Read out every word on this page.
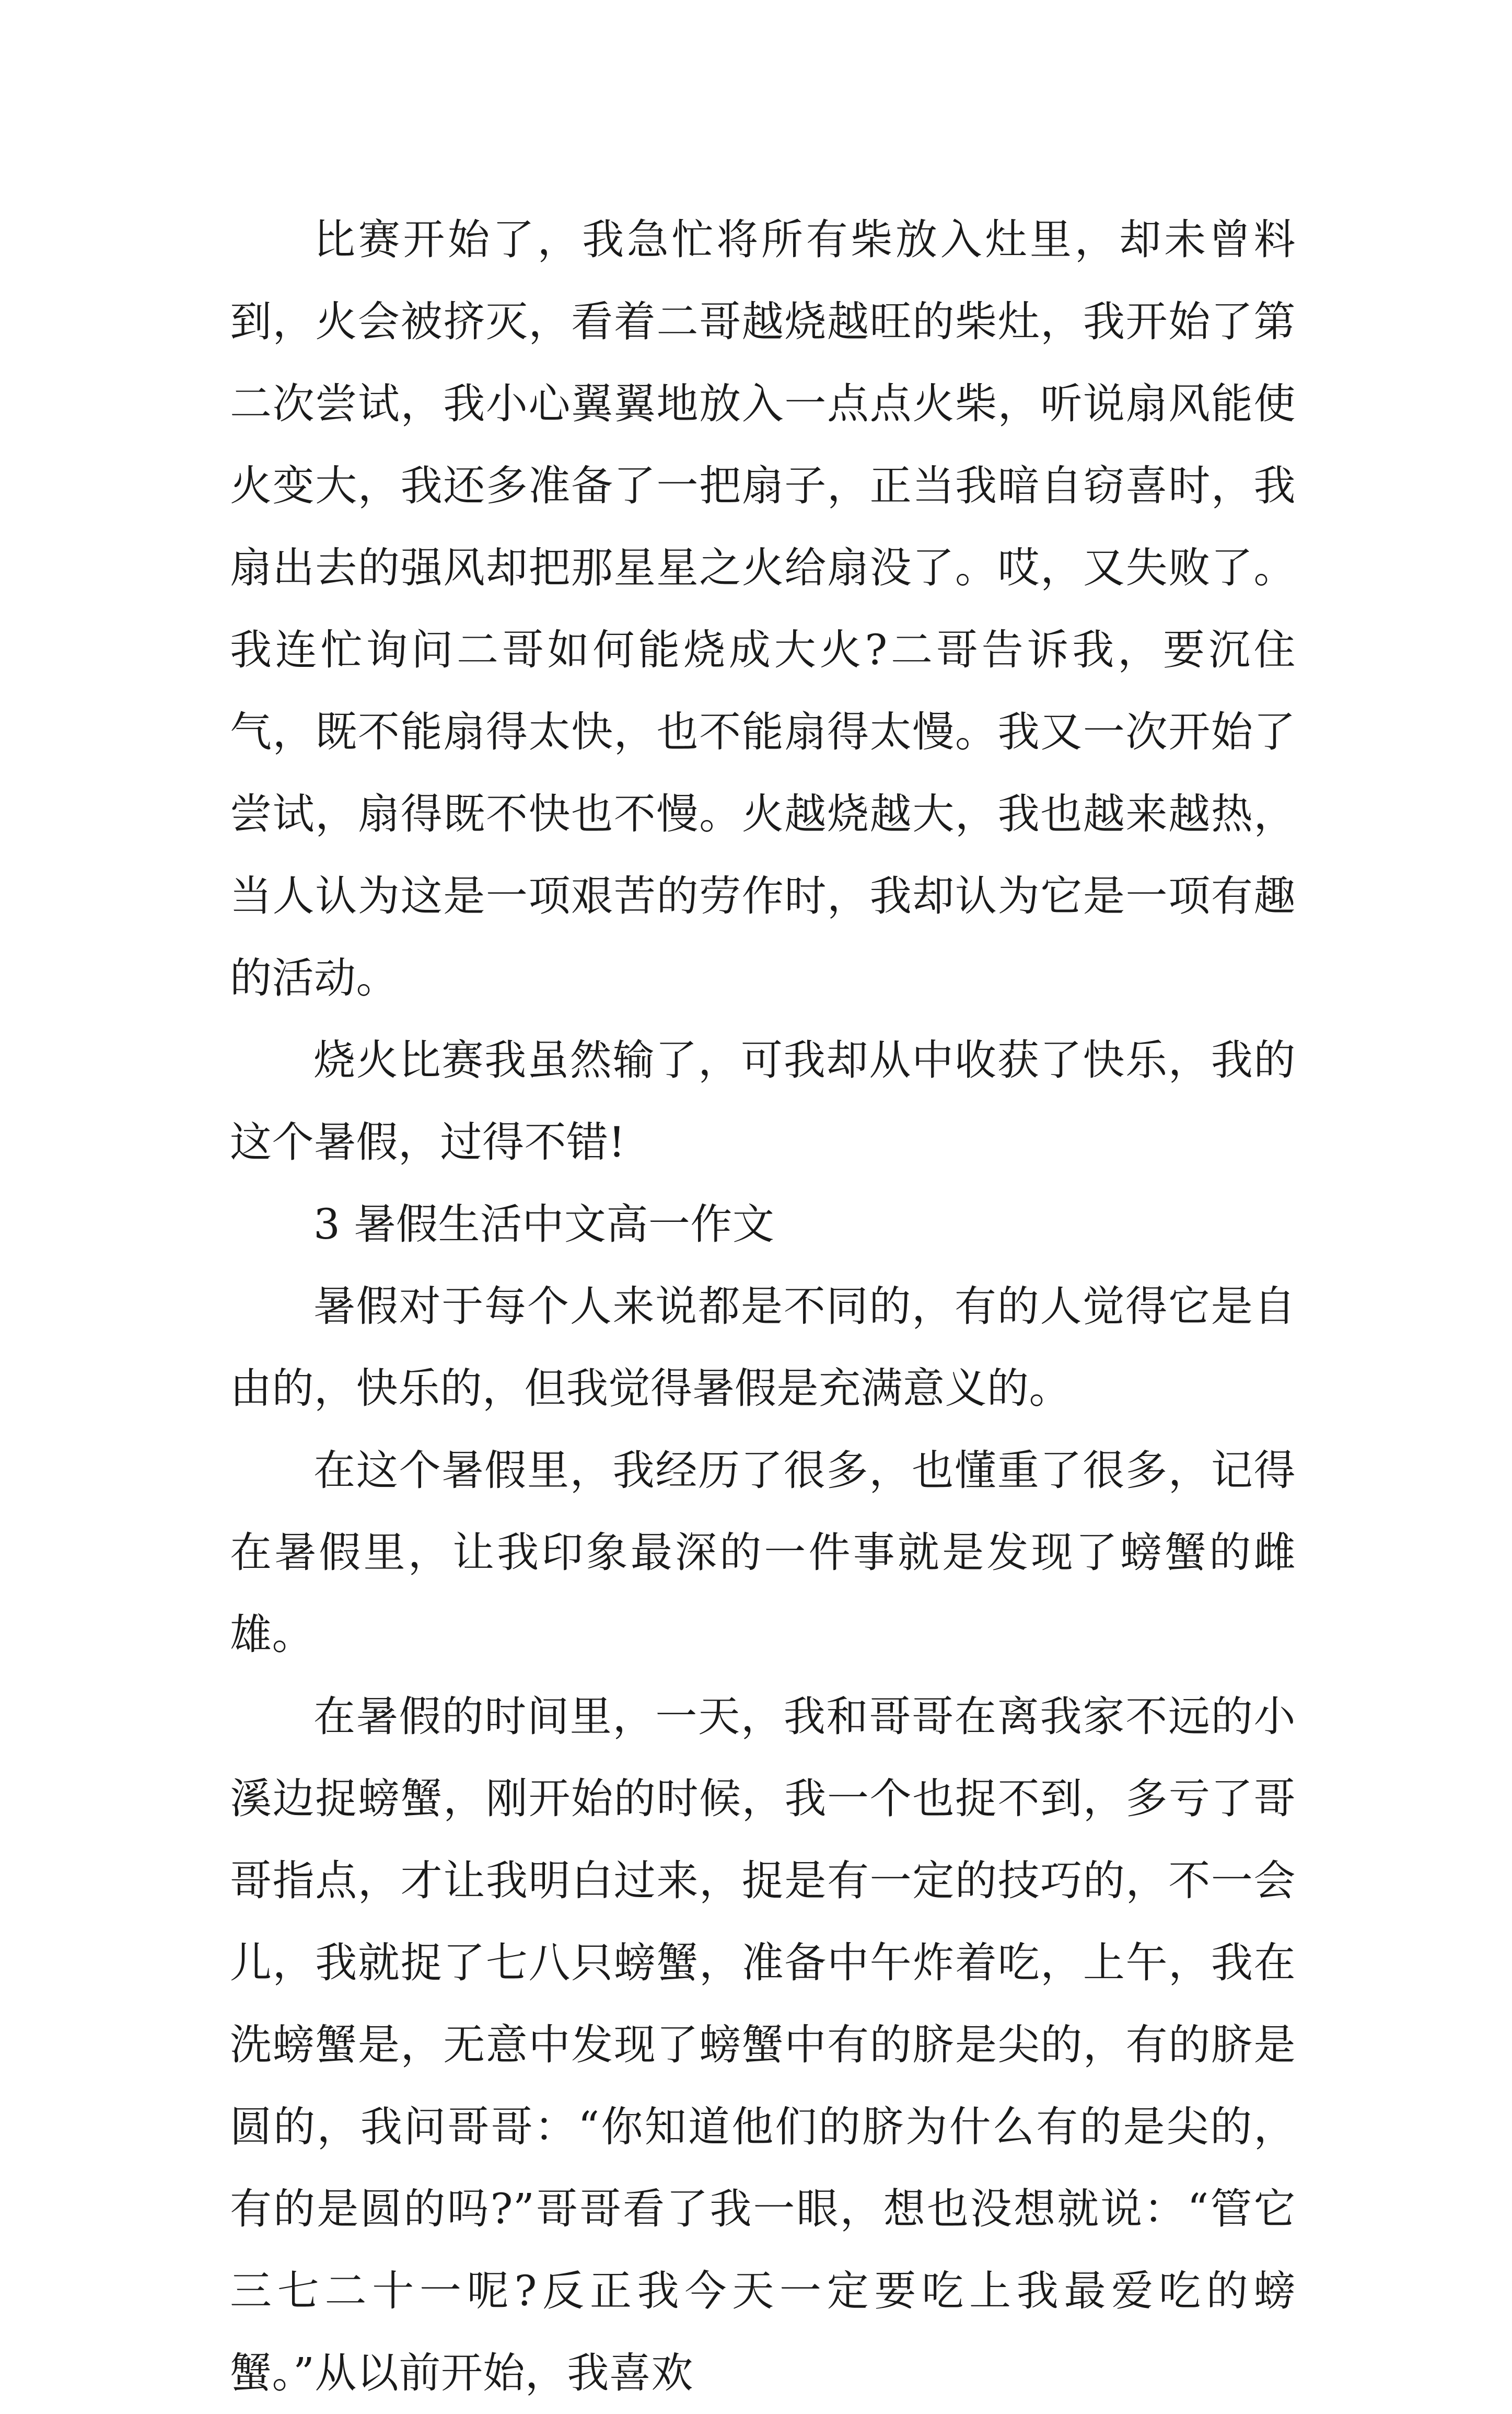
比赛开始了，我急忙将所有柴放入灶里，却未曾料到，火会被挤灭，看着二哥越烧越旺的柴灶，我开始了第二次尝试，我小心翼翼地放入一点点火柴，听说扇风能使火变大，我还多准备了一把扇子，正当我暗自窃喜时，我扇出去的强风却把那星星之火给扇没了。哎，又失败了。我连忙询问二哥如何能烧成大火?二哥告诉我，要沉住气，既不能扇得太快，也不能扇得太慢。我又一次开始了尝试，扇得既不快也不慢。火越烧越大，我也越来越热，当人认为这是一项艰苦的劳作时，我却认为它是一项有趣的活动。

烧火比赛我虽然输了，可我却从中收获了快乐，我的这个暑假，过得不错!

3 暑假生活中文高一作文

暑假对于每个人来说都是不同的，有的人觉得它是自由的，快乐的，但我觉得暑假是充满意义的。

在这个暑假里，我经历了很多，也懂重了很多，记得在暑假里，让我印象最深的一件事就是发现了螃蟹的雌雄。

在暑假的时间里，一天，我和哥哥在离我家不远的小溪边捉螃蟹，刚开始的时候，我一个也捉不到，多亏了哥哥指点，才让我明白过来，捉是有一定的技巧的，不一会儿，我就捉了七八只螃蟹，准备中午炸着吃，上午，我在洗螃蟹是，无意中发现了螃蟹中有的脐是尖的，有的脐是圆的，我问哥哥：“你知道他们的脐为什么有的是尖的，有的是圆的吗?”哥哥看了我一眼，想也没想就说：“管它三七二十一呢?反正我今天一定要吃上我最爱吃的螃蟹。”从以前开始，我喜欢
